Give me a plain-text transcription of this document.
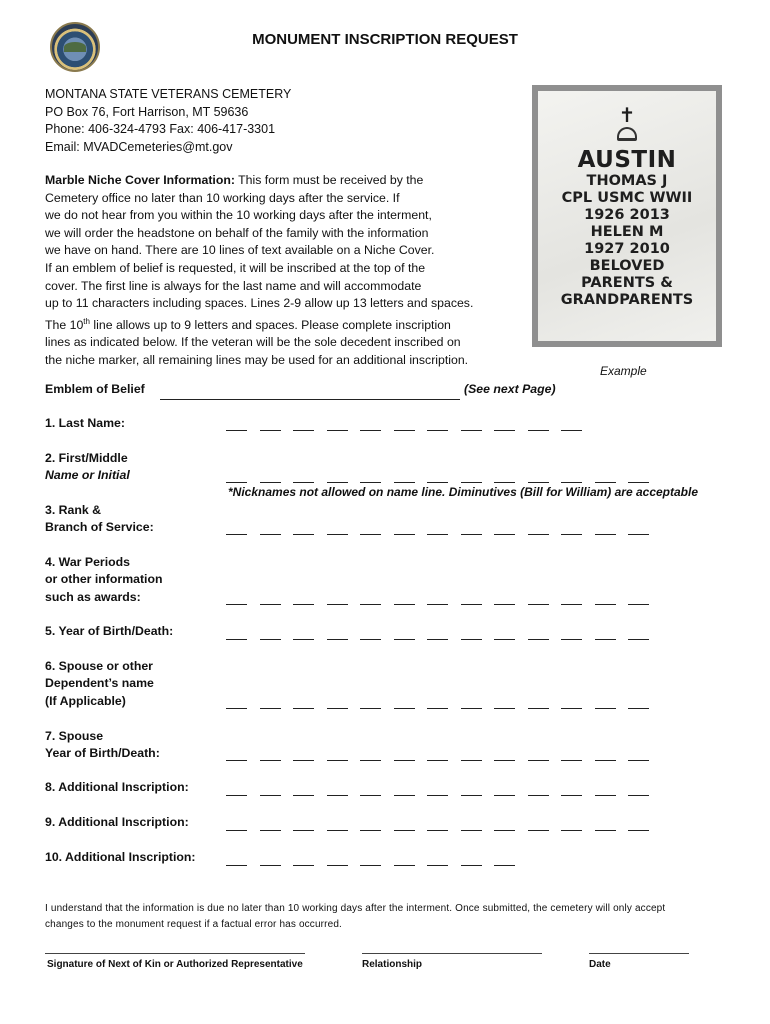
MONUMENT INSCRIPTION REQUEST
MONTANA STATE VETERANS CEMETERY
PO Box 76, Fort Harrison, MT 59636
Phone: 406-324-4793 Fax: 406-417-3301
Email: MVADCemeteries@mt.gov

Marble Niche Cover Information: This form must be received by the

Cemetery office no later than 10 working days after the service. If

we do not hear from you within the 10 working days after the interment,

we will order the headstone on behalf of the family with the information

we have on hand. There are 10 lines of text available on a Niche Cover.

If an emblem of belief is requested, it will be inscribed at the top of the

cover. The first line is always for the last name and will accommodate

up to 11 characters including spaces. Lines 2-9 allow up 13 letters and spaces.

The 10th line allows up to 9 letters and spaces. Please complete inscription

lines as indicated below. If the veteran will be the sole decedent inscribed on

the niche marker, all remaining lines may be used for an additional inscription.

✝
AUSTIN
THOMAS J
CPL USMC WWII
1926 2013
HELEN M
1927 2010
BELOVED
PARENTS &
GRANDPARENTS
Example
Emblem of Belief	(See next Page)
1. Last Name:
2. First/Middle
Name or Initial
*Nicknames not allowed on name line. Diminutives (Bill for William) are acceptable
3. Rank &
Branch of Service:
4. War Periods
or other information
such as awards:
5. Year of Birth/Death:
6. Spouse or other
Dependent’s name
(If Applicable)
7. Spouse
Year of Birth/Death:
8. Additional Inscription:
9. Additional Inscription:
10. Additional Inscription:
I understand that the information is due no later than 10 working days after the interment. Once submitted, the cemetery will only accept
changes to the monument request if a factual error has occurred.
Signature of Next of Kin or Authorized Representative	Relationship	Date
